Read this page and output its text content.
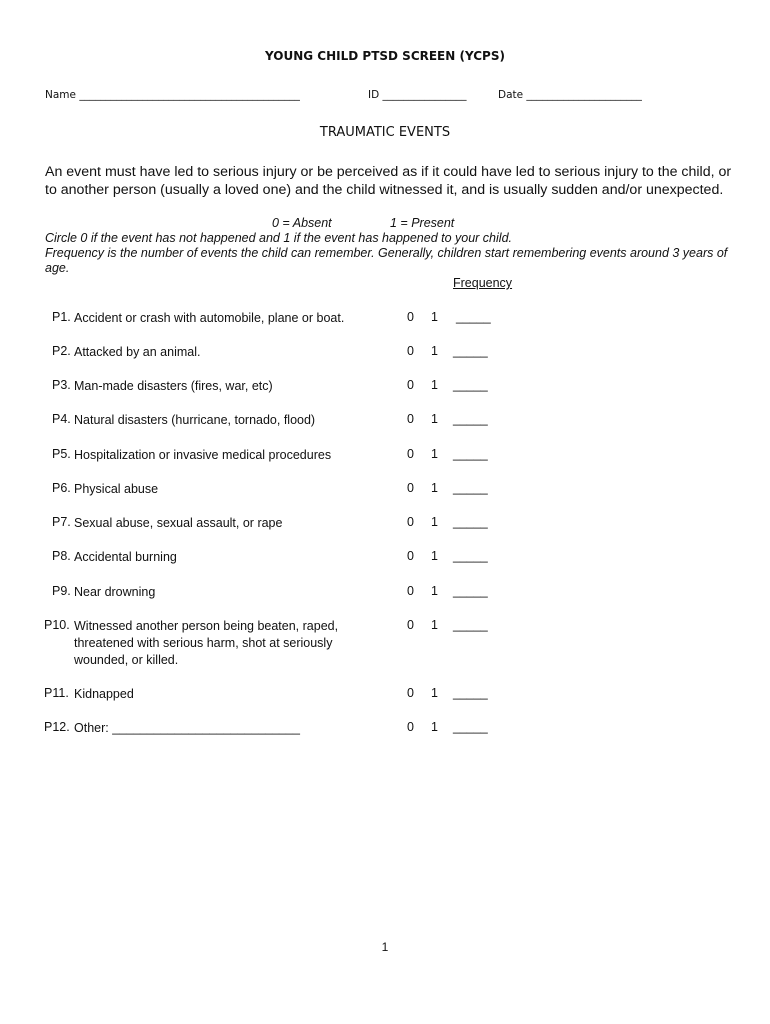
YOUNG CHILD PTSD SCREEN (YCPS)
Name __________________________________________	ID ________________	Date ______________________
TRAUMATIC EVENTS
An event must have led to serious injury or be perceived as if it could have led to serious injury to the child, or to another person (usually a loved one) and the child witnessed it, and is usually sudden and/or unexpected.
0 = Absent	1 = Present
Circle 0 if the event has not happened and 1 if the event has happened to your child.
Frequency is the number of events the child can remember. Generally, children start remembering events around 3 years of age.
Frequency
P1. Accident or crash with automobile, plane or boat.	0 1 _____
P2. Attacked by an animal.	0 1 _____
P3. Man-made disasters (fires, war, etc)	0 1 _____
P4. Natural disasters (hurricane, tornado, flood)	0 1 _____
P5. Hospitalization or invasive medical procedures	0 1 _____
P6. Physical abuse	0 1 _____
P7. Sexual abuse, sexual assault, or rape	0 1 _____
P8. Accidental burning	0 1 _____
P9. Near drowning	0 1 _____
P10. Witnessed another person being beaten, raped, threatened with serious harm, shot at seriously wounded, or killed.
0 1 _____
P11. Kidnapped	0 1 _____
P12. Other: ___________________________	0 1 _____
1
